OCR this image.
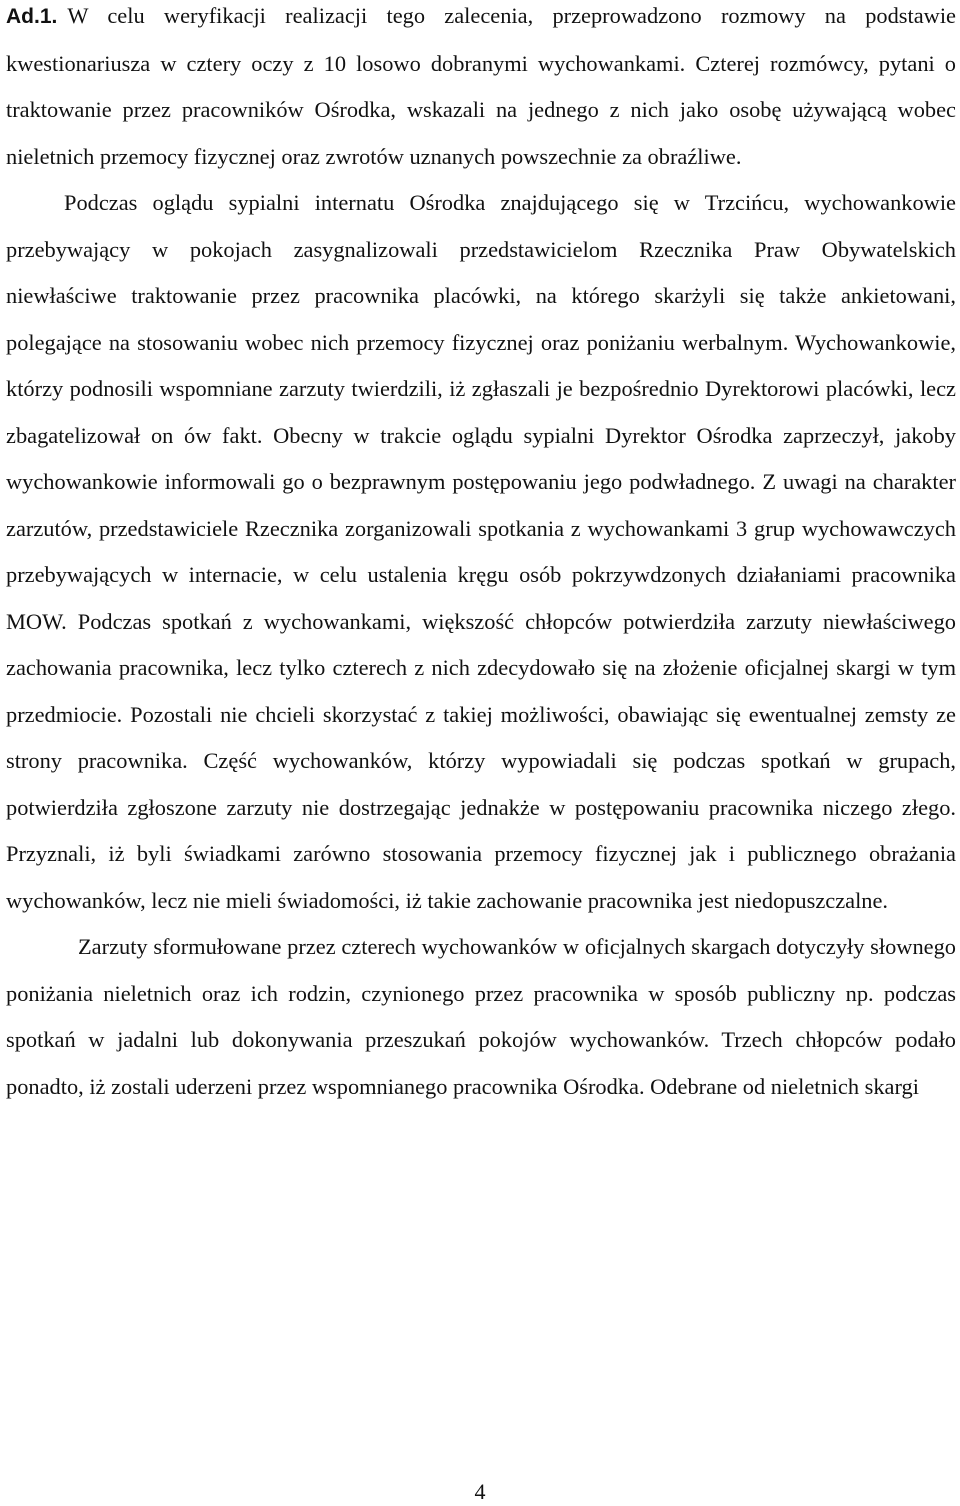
Ad.1. W celu weryfikacji realizacji tego zalecenia, przeprowadzono rozmowy na podstawie kwestionariusza w cztery oczy z 10 losowo dobranymi wychowankami. Czterej rozmówcy, pytani o traktowanie przez pracowników Ośrodka, wskazali na jednego z nich jako osobę używającą wobec nieletnich przemocy fizycznej oraz zwrotów uznanych powszechnie za obraźliwe.

Podczas oglądu sypialni internatu Ośrodka znajdującego się w Trzcińcu, wychowankowie przebywający w pokojach zasygnalizowali przedstawicielom Rzecznika Praw Obywatelskich niewłaściwe traktowanie przez pracownika placówki, na którego skarżyli się także ankietowani, polegające na stosowaniu wobec nich przemocy fizycznej oraz poniżaniu werbalnym. Wychowankowie, którzy podnosili wspomniane zarzuty twierdzili, iż zgłaszali je bezpośrednio Dyrektorowi placówki, lecz zbagatelizował on ów fakt. Obecny w trakcie oglądu sypialni Dyrektor Ośrodka zaprzeczył, jakoby wychowankowie informowali go o bezprawnym postępowaniu jego podwładnego. Z uwagi na charakter zarzutów, przedstawiciele Rzecznika zorganizowali spotkania z wychowankami 3 grup wychowawczych przebywających w internacie, w celu ustalenia kręgu osób pokrzywdzonych działaniami pracownika MOW. Podczas spotkań z wychowankami, większość chłopców potwierdziła zarzuty niewłaściwego zachowania pracownika, lecz tylko czterech z nich zdecydowało się na złożenie oficjalnej skargi w tym przedmiocie. Pozostali nie chcieli skorzystać z takiej możliwości, obawiając się ewentualnej zemsty ze strony pracownika. Część wychowanków, którzy wypowiadali się podczas spotkań w grupach, potwierdziła zgłoszone zarzuty nie dostrzegając jednakże w postępowaniu pracownika niczego złego. Przyznali, iż byli świadkami zarówno stosowania przemocy fizycznej jak i publicznego obrażania wychowanków, lecz nie mieli świadomości, iż takie zachowanie pracownika jest niedopuszczalne.

Zarzuty sformułowane przez czterech wychowanków w oficjalnych skargach dotyczyły słownego poniżania nieletnich oraz ich rodzin, czynionego przez pracownika w sposób publiczny np. podczas spotkań w jadalni lub dokonywania przeszukań pokojów wychowanków. Trzech chłopców podało ponadto, iż zostali uderzeni przez wspomnianego pracownika Ośrodka. Odebrane od nieletnich skargi

4
